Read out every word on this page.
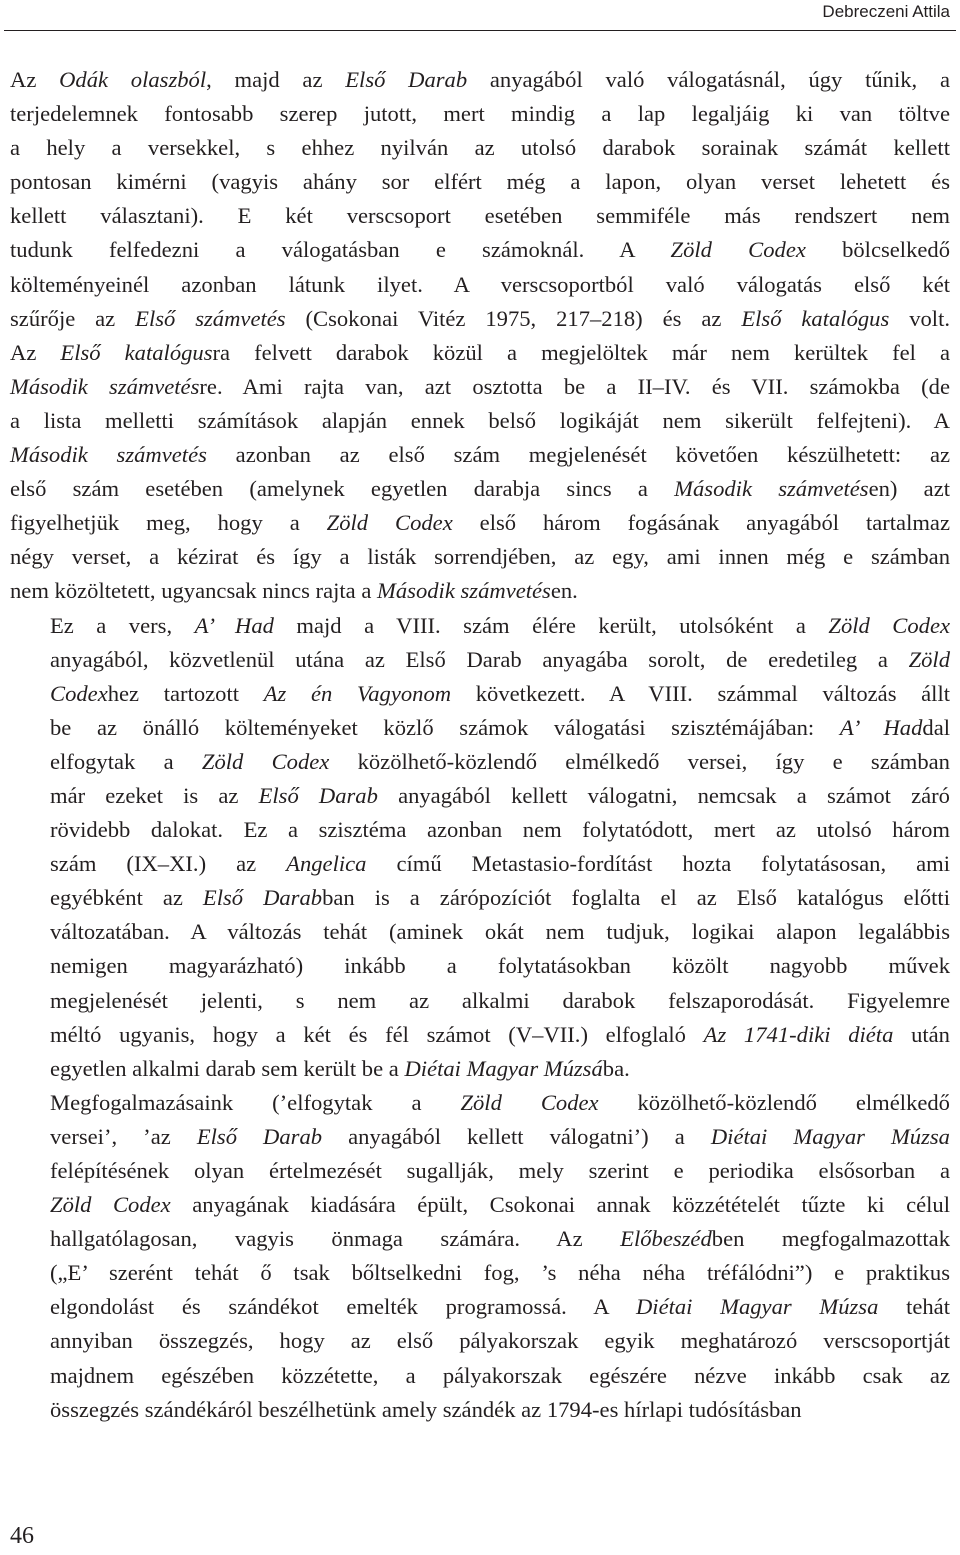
Debreczeni Attila
Az Odák olaszból, majd az Első Darab anyagából való válogatásnál, úgy tűnik, a
terjedelemnek fontosabb szerep jutott, mert mindig a lap legaljáig ki van töltve
a hely a versekkel, s ehhez nyilván az utolsó darabok sorainak számát kellett
pontosan kimérni (vagyis ahány sor elfért még a lapon, olyan verset lehetett és
kellett választani). E két verscsoport esetében semmiféle más rendszert nem
tudunk felfedezni a válogatásban e számoknál. A Zöld Codex bölcselkedő
költeményeinél azonban látunk ilyet. A verscsoportból való válogatás első két
szűrője az Első számvetés (Csokonai Vitéz 1975, 217–218) és az Első katalógus volt.
Az Első katalógusra felvett darabok közül a megjelöltek már nem kerültek fel a
Második számvetésre. Ami rajta van, azt osztotta be a II–IV. és VII. számokba (de
a lista melletti számítások alapján ennek belső logikáját nem sikerült felfejteni). A
Második számvetés azonban az első szám megjelenését követően készülhetett: az
első szám esetében (amelynek egyetlen darabja sincs a Második számvetésen) azt
figyelhetjük meg, hogy a Zöld Codex első három fogásának anyagából tartalmaz
négy verset, a kézirat és így a listák sorrendjében, az egy, ami innen még e számban
nem közöltetett, ugyancsak nincs rajta a Második számvetésen.
Ez a vers, A’ Had majd a VIII. szám élére került, utolsóként a Zöld Codex
anyagából, közvetlenül utána az Első Darab anyagába sorolt, de eredetileg a Zöld
Codexhez tartozott Az én Vagyonom következett. A VIII. számmal változás állt
be az önálló költeményeket közlő számok válogatási szisztémájában: A’ Haddal
elfogytak a Zöld Codex közölhető-közlendő elmélkedő versei, így e számban
már ezeket is az Első Darab anyagából kellett válogatni, nemcsak a számot záró
rövidebb dalokat. Ez a szisztéma azonban nem folytatódott, mert az utolsó három
szám (IX–XI.) az Angelica című Metastasio-fordítást hozta folytatásosan, ami
egyébként az Első Darabban is a zárópozíciót foglalta el az Első katalógus előtti
változatában. A változás tehát (aminek okát nem tudjuk, logikai alapon legalábbis
nemigen magyarázható) inkább a folytatásokban közölt nagyobb művek
megjelenését jelenti, s nem az alkalmi darabok felszaporodását. Figyelemre
méltó ugyanis, hogy a két és fél számot (V–VII.) elfoglaló Az 1741-diki diéta után
egyetlen alkalmi darab sem került be a Diétai Magyar Múzsába.
Megfogalmazásaink (’elfogytak a Zöld Codex közölhető-közlendő elmélkedő
versei’, ’az Első Darab anyagából kellett válogatni’) a Diétai Magyar Múzsa
felépítésének olyan értelmezését sugallják, mely szerint e periodika elsősorban a
Zöld Codex anyagának kiadására épült, Csokonai annak közzétételét tűzte ki célul
hallgatólagosan, vagyis önmaga számára. Az Előbeszédben megfogalmazottak
(„E’ szerént tehát ő tsak bőltselkedni fog, ’s néha néha tréfálódni”) e praktikus
elgondolást és szándékot emelték programossá. A Diétai Magyar Múzsa tehát
annyiban összegzés, hogy az első pályakorszak egyik meghatározó verscsoportját
majdnem egészében közzétette, a pályakorszak egészére nézve inkább csak az
összegzés szándékáról beszélhetünk amely szándék az 1794-es hírlapi tudósításban
46
